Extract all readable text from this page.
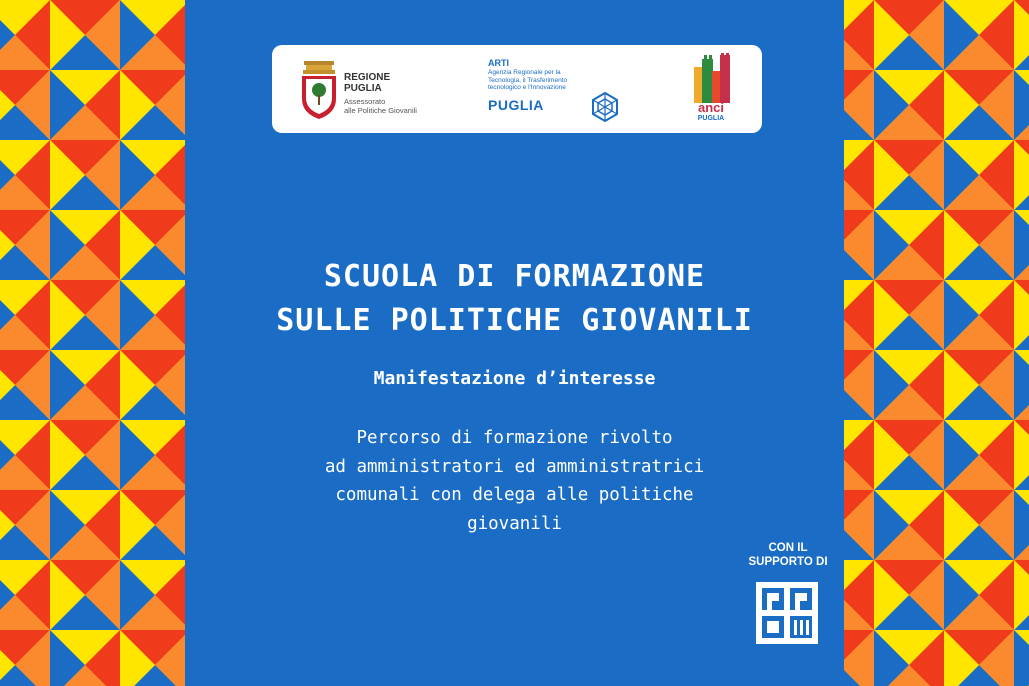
REGIONE
PUGLIA
Assessorato
alle Politiche Giovanili
ARTI
Agenzia Regionale per la
Tecnologia, il Trasferimento
tecnologico e l'Innovazione
PUGLIA	anci
PUGLIA
SCUOLA DI FORMAZIONE
SULLE POLITICHE GIOVANILI
Manifestazione d’interesse
Percorso di formazione rivolto
ad amministratori ed amministratrici
comunali con delega alle politiche
giovanili
CON IL
SUPPORTO DI
